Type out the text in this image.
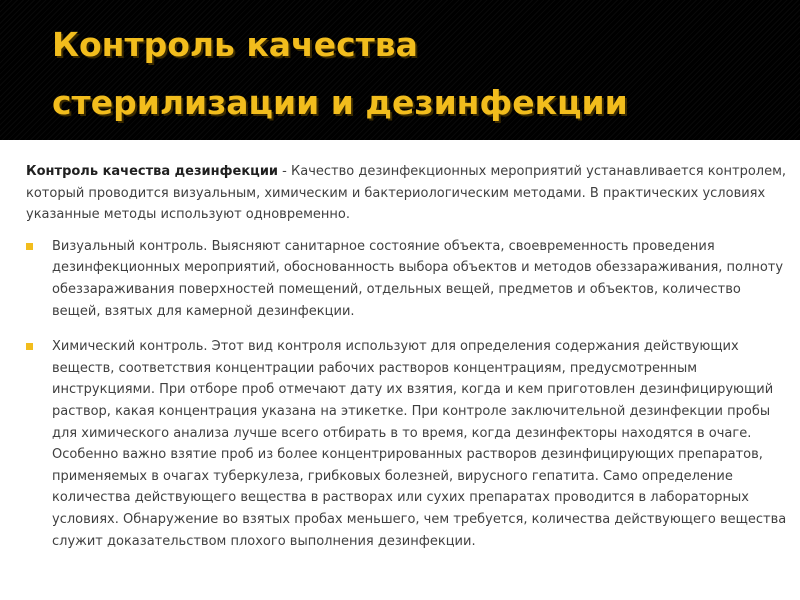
Контроль качества
стерилизации и дезинфекции

Контроль качества дезинфекции - Качество дезинфекционных мероприятий устанавливается контролем, который проводится визуальным, химическим и бактериологическим методами. В практических условиях указанные методы используют одновременно.

Визуальный контроль. Выясняют санитарное состояние объекта, своевременность проведения дезинфекционных мероприятий, обоснованность выбора объектов и методов обеззараживания, полноту обеззараживания поверхностей помещений, отдельных вещей, предметов и объектов, количество вещей, взятых для камерной дезинфекции.

Химический контроль. Этот вид контроля используют для определения содержания действующих веществ, соответствия концентрации рабочих растворов концентрациям, предусмотренным инструкциями. При отборе проб отмечают дату их взятия, когда и кем приготовлен дезинфицирующий раствор, какая концентрация указана на этикетке. При контроле заключительной дезинфекции пробы для химического анализа лучше всего отбирать в то время, когда дезинфекторы находятся в очаге. Особенно важно взятие проб из более концентрированных растворов дезинфицирующих препаратов, применяемых в очагах туберкулеза, грибковых болезней, вирусного гепатита. Само определение количества действующего вещества в растворах или сухих препаратах проводится в лабораторных условиях. Обнаружение во взятых пробах меньшего, чем требуется, количества действующего вещества служит доказательством плохого выполнения дезинфекции.
